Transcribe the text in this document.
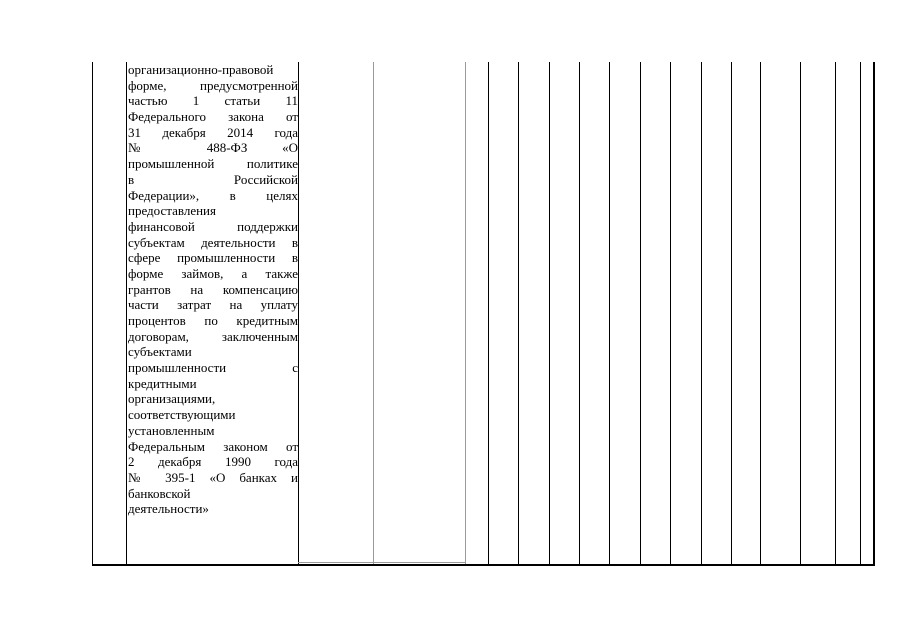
организационно-правовой
форме, предусмотренной
частью 1 статьи 11
Федерального закона от
31 декабря 2014 года
№ 488-ФЗ «О
промышленной политике
в Российской
Федерации», в целях
предоставления
финансовой поддержки
субъектам деятельности в
сфере промышленности в
форме займов, а также
грантов на компенсацию
части затрат на уплату
процентов по кредитным
договорам, заключенным
субъектами
промышленности с
кредитными
организациями,
соответствующими
установленным
Федеральным законом от
2 декабря 1990 года
№ 395-1 «О банках и
банковской
деятельности»
